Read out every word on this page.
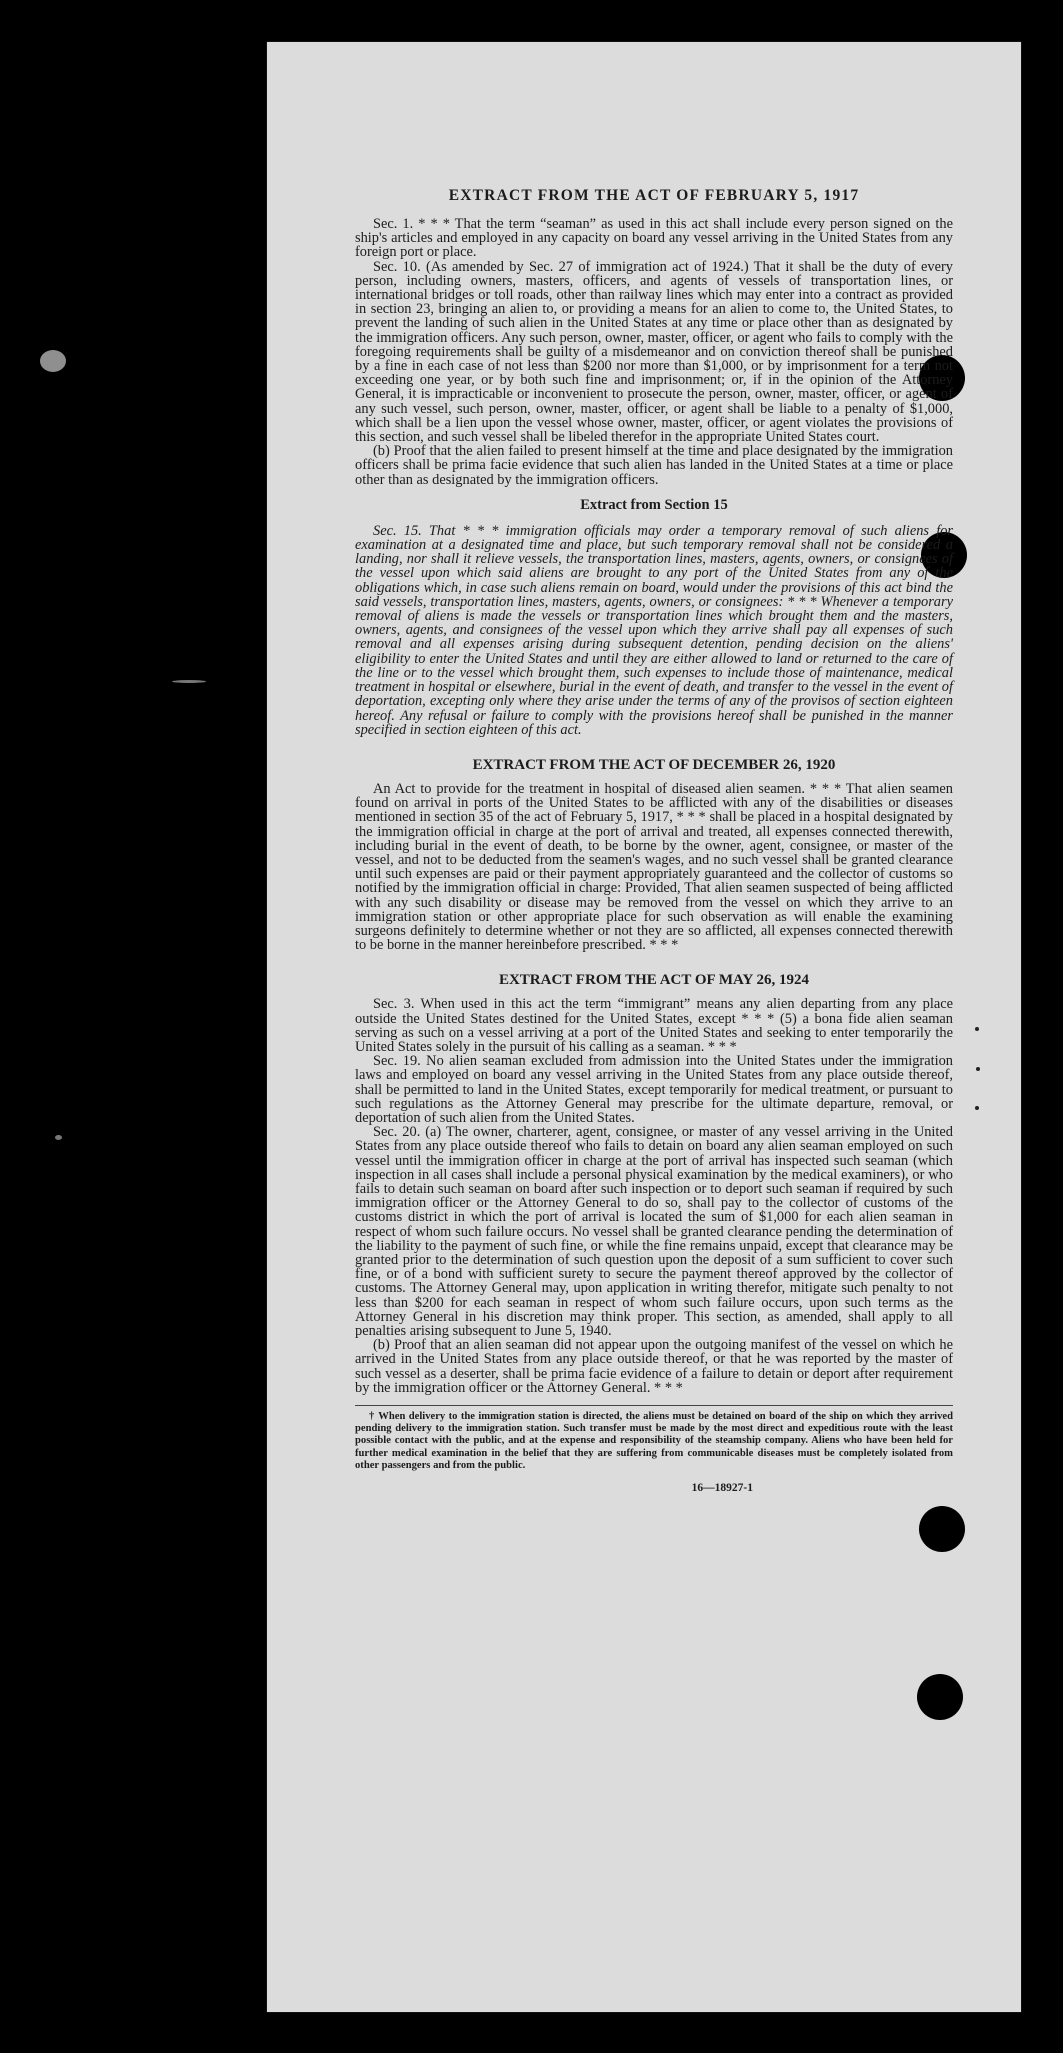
EXTRACT FROM THE ACT OF FEBRUARY 5, 1917

Sec. 1. * * * That the term “seaman” as used in this act shall include every person signed on the ship's articles and employed in any capacity on board any vessel arriving in the United States from any foreign port or place.

Sec. 10. (As amended by Sec. 27 of immigration act of 1924.) That it shall be the duty of every person, including owners, masters, officers, and agents of vessels of transportation lines, or international bridges or toll roads, other than railway lines which may enter into a contract as provided in section 23, bringing an alien to, or providing a means for an alien to come to, the United States, to prevent the landing of such alien in the United States at any time or place other than as designated by the immigration officers. Any such person, owner, master, officer, or agent who fails to comply with the foregoing requirements shall be guilty of a misdemeanor and on conviction thereof shall be punished by a fine in each case of not less than $200 nor more than $1,000, or by imprisonment for a term not exceeding one year, or by both such fine and imprisonment; or, if in the opinion of the Attorney General, it is impracticable or inconvenient to prosecute the person, owner, master, officer, or agent of any such vessel, such person, owner, master, officer, or agent shall be liable to a penalty of $1,000, which shall be a lien upon the vessel whose owner, master, officer, or agent violates the provisions of this section, and such vessel shall be libeled therefor in the appropriate United States court.

(b) Proof that the alien failed to present himself at the time and place designated by the immigration officers shall be prima facie evidence that such alien has landed in the United States at a time or place other than as designated by the immigration officers.

Extract from Section 15

Sec. 15. That * * * immigration officials may order a temporary removal of such aliens for examination at a designated time and place, but such temporary removal shall not be considered a landing, nor shall it relieve vessels, the transportation lines, masters, agents, owners, or consignees of the vessel upon which said aliens are brought to any port of the United States from any of the obligations which, in case such aliens remain on board, would under the provisions of this act bind the said vessels, transportation lines, masters, agents, owners, or consignees: * * * Whenever a temporary removal of aliens is made the vessels or transportation lines which brought them and the masters, owners, agents, and consignees of the vessel upon which they arrive shall pay all expenses of such removal and all expenses arising during subsequent detention, pending decision on the aliens' eligibility to enter the United States and until they are either allowed to land or returned to the care of the line or to the vessel which brought them, such expenses to include those of maintenance, medical treatment in hospital or elsewhere, burial in the event of death, and transfer to the vessel in the event of deportation, excepting only where they arise under the terms of any of the provisos of section eighteen hereof. Any refusal or failure to comply with the provisions hereof shall be punished in the manner specified in section eighteen of this act.

EXTRACT FROM THE ACT OF DECEMBER 26, 1920

An Act to provide for the treatment in hospital of diseased alien seamen. * * * That alien seamen found on arrival in ports of the United States to be afflicted with any of the disabilities or diseases mentioned in section 35 of the act of February 5, 1917, * * * shall be placed in a hospital designated by the immigration official in charge at the port of arrival and treated, all expenses connected therewith, including burial in the event of death, to be borne by the owner, agent, consignee, or master of the vessel, and not to be deducted from the seamen's wages, and no such vessel shall be granted clearance until such expenses are paid or their payment appropriately guaranteed and the collector of customs so notified by the immigration official in charge: Provided, That alien seamen suspected of being afflicted with any such disability or disease may be removed from the vessel on which they arrive to an immigration station or other appropriate place for such observation as will enable the examining surgeons definitely to determine whether or not they are so afflicted, all expenses connected therewith to be borne in the manner hereinbefore prescribed. * * *

EXTRACT FROM THE ACT OF MAY 26, 1924

Sec. 3. When used in this act the term “immigrant” means any alien departing from any place outside the United States destined for the United States, except * * * (5) a bona fide alien seaman serving as such on a vessel arriving at a port of the United States and seeking to enter temporarily the United States solely in the pursuit of his calling as a seaman. * * *

Sec. 19. No alien seaman excluded from admission into the United States under the immigration laws and employed on board any vessel arriving in the United States from any place outside thereof, shall be permitted to land in the United States, except temporarily for medical treatment, or pursuant to such regulations as the Attorney General may prescribe for the ultimate departure, removal, or deportation of such alien from the United States.

Sec. 20. (a) The owner, charterer, agent, consignee, or master of any vessel arriving in the United States from any place outside thereof who fails to detain on board any alien seaman employed on such vessel until the immigration officer in charge at the port of arrival has inspected such seaman (which inspection in all cases shall include a personal physical examination by the medical examiners), or who fails to detain such seaman on board after such inspection or to deport such seaman if required by such immigration officer or the Attorney General to do so, shall pay to the collector of customs of the customs district in which the port of arrival is located the sum of $1,000 for each alien seaman in respect of whom such failure occurs. No vessel shall be granted clearance pending the determination of the liability to the payment of such fine, or while the fine remains unpaid, except that clearance may be granted prior to the determination of such question upon the deposit of a sum sufficient to cover such fine, or of a bond with sufficient surety to secure the payment thereof approved by the collector of customs. The Attorney General may, upon application in writing therefor, mitigate such penalty to not less than $200 for each seaman in respect of whom such failure occurs, upon such terms as the Attorney General in his discretion may think proper. This section, as amended, shall apply to all penalties arising subsequent to June 5, 1940.

(b) Proof that an alien seaman did not appear upon the outgoing manifest of the vessel on which he arrived in the United States from any place outside thereof, or that he was reported by the master of such vessel as a deserter, shall be prima facie evidence of a failure to detain or deport after requirement by the immigration officer or the Attorney General. * * *

† When delivery to the immigration station is directed, the aliens must be detained on board of the ship on which they arrived pending delivery to the immigration station. Such transfer must be made by the most direct and expeditious route with the least possible contact with the public, and at the expense and responsibility of the steamship company. Aliens who have been held for further medical examination in the belief that they are suffering from communicable diseases must be completely isolated from other passengers and from the public.

16—18927-1
